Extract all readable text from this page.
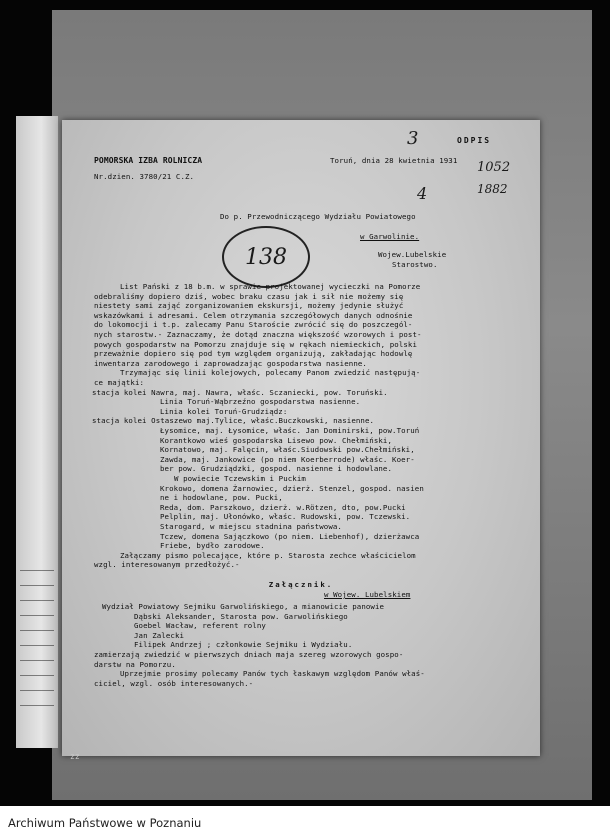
ODPIS
POMORSKA IZBA ROLNICZA	Toruń, dnia 28 kwietnia 1931
Nr.dzien. 3780/21 C.Z.
3
4
1052
1882
Do p. Przewodniczącego Wydziału Powiatowego
w Garwolinie.
Wojew.Lubelskie
Starostwo.
138
List Pański z 18 b.m. w sprawie projektowanej wycieczki na Pomorze
odebraliśmy dopiero dziś, wobec braku czasu jak i sił nie możemy się
niestety sami zająć zorganizowaniem ekskursji, możemy jedynie służyć
wskazówkami i adresami. Celem otrzymania szczegółowych danych odnośnie
do lokomocji i t.p. zalecamy Panu Staroście zwrócić się do poszczegól-
nych starostw.- Zaznaczamy, że dotąd znaczna większość wzorowych i post-
powych gospodarstw na Pomorzu znajduje się w rękach niemieckich, polski
przeważnie dopiero się pod tym względem organizują, zakładając hodowlę
inwentarza zarodowego i zaprowadzając gospodarstwa nasienne.
Trzymając się linii kolejowych, polecamy Panom zwiedzić następują-
ce majątki:
stacja kolei Nawra, maj. Nawra, właśc. Sczaniecki, pow. Toruński.
Linia Toruń-Wąbrzeźno gospodarstwa nasienne.
Linia kolei Toruń-Grudziądz:
stacja kolei Ostaszewo maj.Tylice, właśc.Buczkowski, nasienne.
Łysomice, maj. Łysomice, właśc. Jan Dominirski, pow.Toruń
Korantkowo wieś gospodarska Lisewo pow. Chełmiński,
Kornatowo, maj. Falęcin, właśc.Siudowski pow.Chełmiński,
Zawda, maj. Jankowice (po niem Koerberrode) właśc. Koer-
ber pow. Grudziądzki, gospod. nasienne i hodowlane.
W powiecie Tczewskim i Puckim
Krokowo, domena Żarnowiec, dzierż. Stenzel, gospod. nasien
ne i hodowlane, pow. Pucki,
Reda, dom. Parszkowo, dzierż. w.Rötzen, dto, pow.Pucki
Pelplin, maj. Ułonówko, właśc. Rudowski, pow. Tczewski.
Starogard, w miejscu stadnina państwowa.
Tczew, domena Sajączkowo (po niem. Liebenhof), dzierżawca
Friebe, bydło zarodowe.
Załączamy pismo polecające, które p. Starosta zechce właścicielom
wzgl. interesowanym przedłożyć.-
Załącznik.
w Wojew. Lubelskiem
Wydział Powiatowy Sejmiku Garwolińskiego, a mianowicie panowie
Dąbski Aleksander, Starosta pow. Garwolińskiego
Goebel Wacław, referent rolny
Jan Zalecki
Filipek Andrzej ; członkowie Sejmiku i Wydziału.
zamierzają zwiedzić w pierwszych dniach maja szereg wzorowych gospo-
darstw na Pomorzu.
Uprzejmie prosimy polecamy Panów tych łaskawym względom Panów właś-
ciciel, wzgl. osób interesowanych.-
zz
Archiwum Państwowe w Poznaniu
